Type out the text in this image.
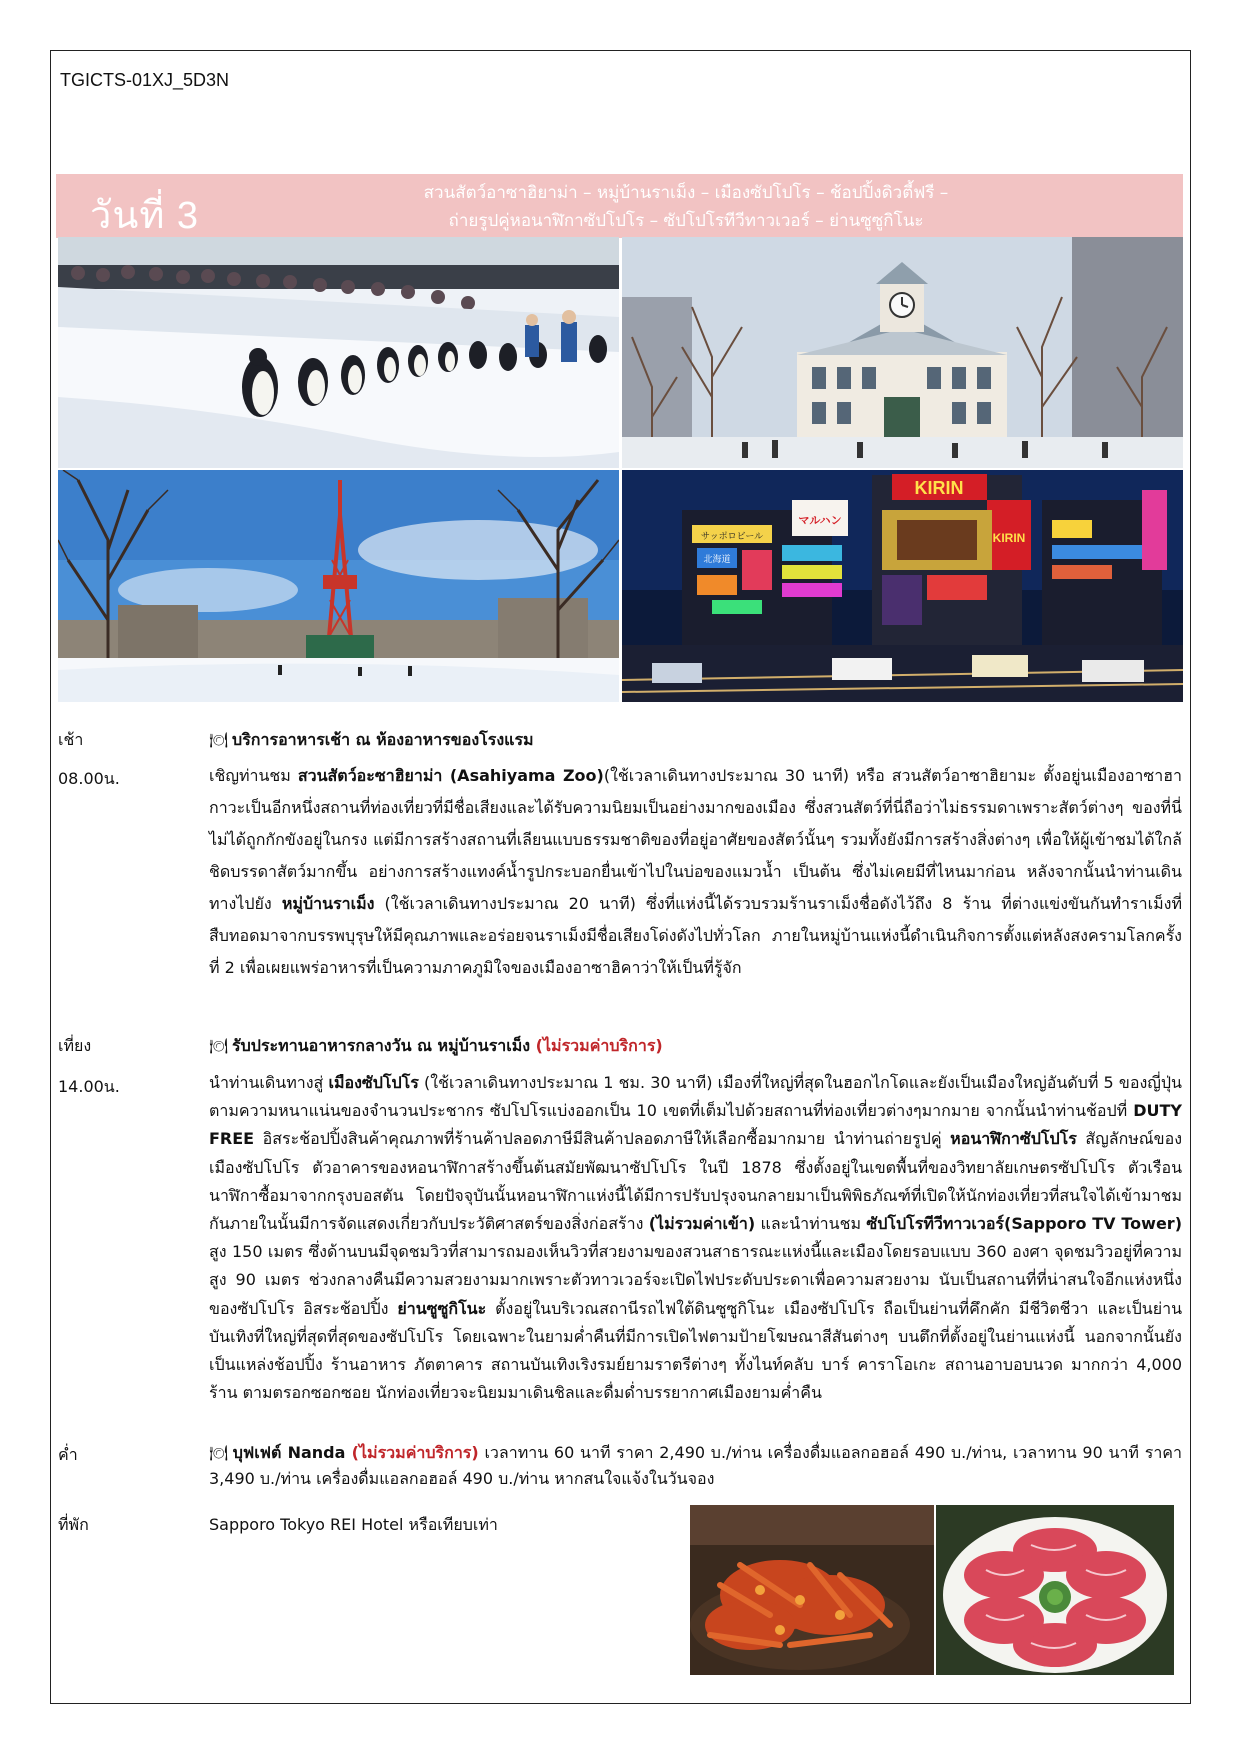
TGICTS-01XJ_5D3N
วันที่ 3
สวนสัตว์อาซาฮิยาม่า – หมู่บ้านราเม็ง – เมืองซัปโปโร – ช้อปปิ้งดิวตี้ฟรี –
ถ่ายรูปคู่หอนาฬิกาซัปโปโร – ซัปโปโรทีวีทาวเวอร์ – ย่านซูซูกิโนะ
KIRIN
KIRIN
マルハン
サッポロビール
北海道
เช้า	🍽 บริการอาหารเช้า ณ ห้องอาหารของโรงแรม
08.00น.	เชิญท่านชม สวนสัตว์อะซาฮิยาม่า (Asahiyama Zoo)(ใช้เวลาเดินทางประมาณ 30 นาที) หรือ สวนสัตว์อาซาฮิยามะ ตั้งอยู่นเมืองอาซาฮากาวะเป็นอีกหนึ่งสถานที่ท่องเที่ยวที่มีชื่อเสียงและได้รับความนิยมเป็นอย่างมากของเมือง ซึ่งสวนสัตว์ที่นี่ถือว่าไม่ธรรมดาเพราะสัตว์ต่างๆ ของที่นี่ไม่ได้ถูกกักขังอยู่ในกรง แต่มีการสร้างสถานที่เลียนแบบธรรมชาติของที่อยู่อาศัยของสัตว์นั้นๆ รวมทั้งยังมีการสร้างสิ่งต่างๆ เพื่อให้ผู้เข้าชมได้ใกล้ชิดบรรดาสัตว์มากขึ้น อย่างการสร้างแทงค์น้ำรูปกระบอกยื่นเข้าไปในบ่อของแมวน้ำ เป็นต้น ซึ่งไม่เคยมีที่ไหนมาก่อน หลังจากนั้นนำท่านเดินทางไปยัง หมู่บ้านราเม็ง (ใช้เวลาเดินทางประมาณ 20 นาที) ซึ่งที่แห่งนี้ได้รวบรวมร้านราเม็งชื่อดังไว้ถึง 8 ร้าน ที่ต่างแข่งขันกันทำราเม็งที่สืบทอดมาจากบรรพบุรุษให้มีคุณภาพและอร่อยจนราเม็งมีชื่อเสียงโด่งดังไปทั่วโลก ภายในหมู่บ้านแห่งนี้ดำเนินกิจการตั้งแต่หลังสงครามโลกครั้งที่ 2 เพื่อเผยแพร่อาหารที่เป็นความภาคภูมิใจของเมืองอาซาฮิคาว่าให้เป็นที่รู้จัก
เที่ยง	🍽 รับประทานอาหารกลางวัน ณ หมู่บ้านราเม็ง (ไม่รวมค่าบริการ)
14.00น.	นำท่านเดินทางสู่ เมืองซัปโปโร (ใช้เวลาเดินทางประมาณ 1 ชม. 30 นาที) เมืองที่ใหญ่ที่สุดในฮอกไกโดและยังเป็นเมืองใหญ่อันดับที่ 5 ของญี่ปุ่นตามความหนาแน่นของจำนวนประชากร ซัปโปโรแบ่งออกเป็น 10 เขตที่เต็มไปด้วยสถานที่ท่องเที่ยวต่างๆมากมาย จากนั้นนำท่านช้อปที่ DUTY FREE อิสระช้อปปิ้งสินค้าคุณภาพที่ร้านค้าปลอดภาษีมีสินค้าปลอดภาษีให้เลือกซื้อมากมาย นำท่านถ่ายรูปคู่ หอนาฬิกาซัปโปโร สัญลักษณ์ของเมืองซัปโปโร ตัวอาคารของหอนาฬิกาสร้างขึ้นต้นสมัยพัฒนาซัปโปโร ในปี 1878 ซึ่งตั้งอยู่ในเขตพื้นที่ของวิทยาลัยเกษตรซัปโปโร ตัวเรือนนาฬิกาซื้อมาจากกรุงบอสตัน โดยปัจจุบันนั้นหอนาฬิกาแห่งนี้ได้มีการปรับปรุงจนกลายมาเป็นพิพิธภัณฑ์ที่เปิดให้นักท่องเที่ยวที่สนใจได้เข้ามาชมกันภายในนั้นมีการจัดแสดงเกี่ยวกับประวัติศาสตร์ของสิ่งก่อสร้าง (ไม่รวมค่าเข้า) และนำท่านชม ซัปโปโรทีวีทาวเวอร์(Sapporo TV Tower) สูง 150 เมตร ซึ่งด้านบนมีจุดชมวิวที่สามารถมองเห็นวิวที่สวยงามของสวนสาธารณะแห่งนี้และเมืองโดยรอบแบบ 360 องศา จุดชมวิวอยู่ที่ความสูง 90 เมตร ช่วงกลางคืนมีความสวยงามมากเพราะตัวทาวเวอร์จะเปิดไฟประดับประดาเพื่อความสวยงาม นับเป็นสถานที่ที่น่าสนใจอีกแห่งหนึ่งของซัปโปโร อิสระช้อปปิ้ง ย่านซูซูกิโนะ ตั้งอยู่ในบริเวณสถานีรถไฟใต้ดินซูซูกิโนะ เมืองซัปโปโร ถือเป็นย่านที่คึกคัก มีชีวิตชีวา และเป็นย่านบันเทิงที่ใหญ่ที่สุดที่สุดของซัปโปโร โดยเฉพาะในยามค่ำคืนที่มีการเปิดไฟตามป้ายโฆษณาสีสันต่างๆ บนตึกที่ตั้งอยู่ในย่านแห่งนี้ นอกจากนั้นยังเป็นแหล่งช้อปปิ้ง ร้านอาหาร ภัตตาคาร สถานบันเทิงเริงรมย์ยามราตรีต่างๆ ทั้งไนท์คลับ บาร์ คาราโอเกะ สถานอาบอบนวด มากกว่า 4,000 ร้าน ตามตรอกซอกซอย นักท่องเที่ยวจะนิยมมาเดินชิลและดื่มด่ำบรรยากาศเมืองยามค่ำคืน
ค่ำ	🍽 บุฟเฟต์ Nanda (ไม่รวมค่าบริการ) เวลาทาน 60 นาที ราคา 2,490 บ./ท่าน เครื่องดื่มแอลกอฮอล์ 490 บ./ท่าน, เวลาทาน 90 นาที ราคา 3,490 บ./ท่าน เครื่องดื่มแอลกอฮอล์ 490 บ./ท่าน หากสนใจแจ้งในวันจอง
ที่พัก	Sapporo Tokyo REI Hotel หรือเทียบเท่า
